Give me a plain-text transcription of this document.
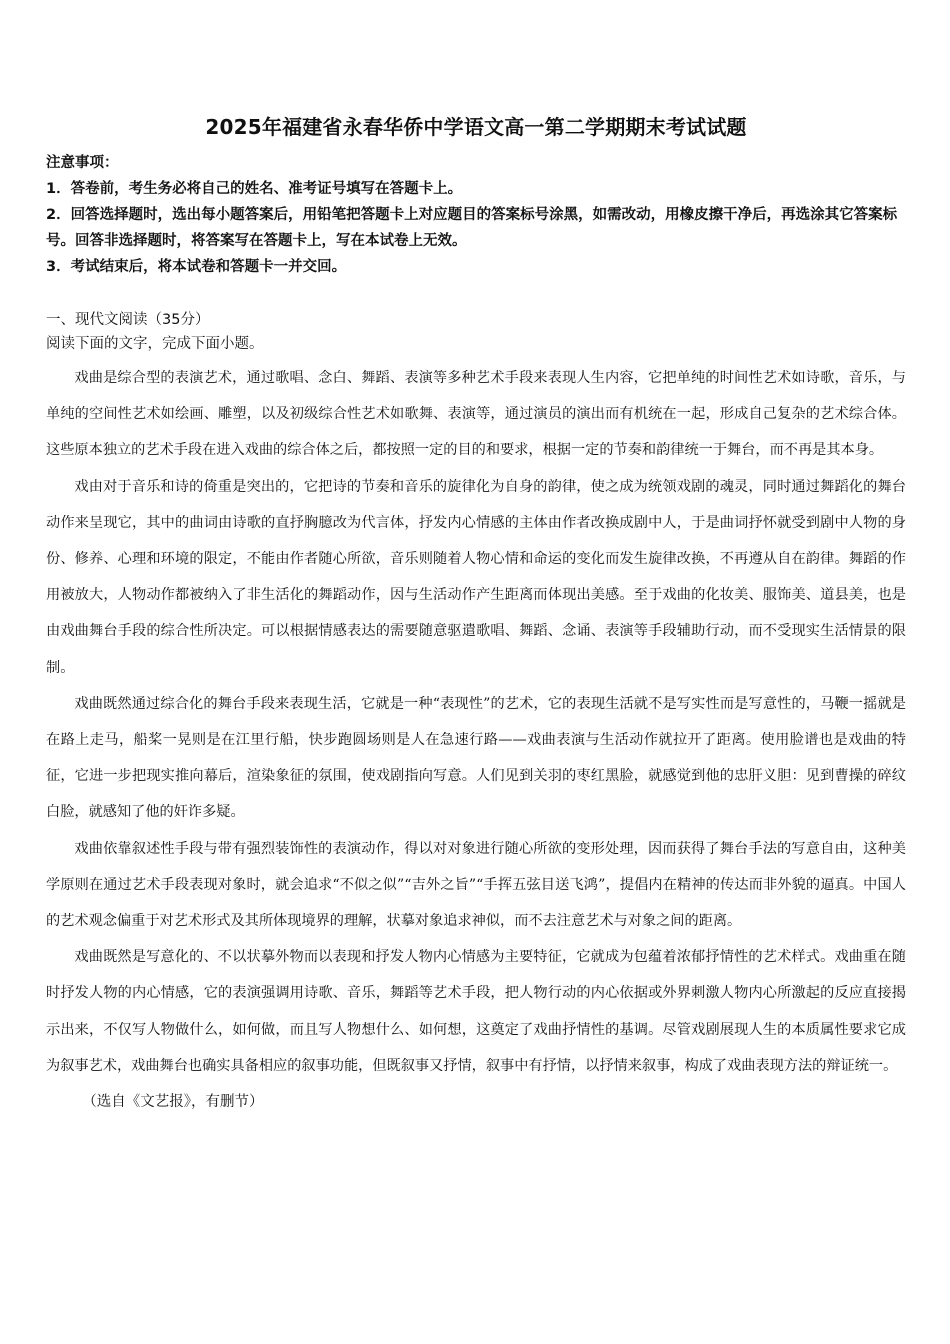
2025年福建省永春华侨中学语文高一第二学期期末考试试题

注意事项：

1．答卷前，考生务必将自己的姓名、准考证号填写在答题卡上。

2．回答选择题时，选出每小题答案后，用铅笔把答题卡上对应题目的答案标号涂黑，如需改动，用橡皮擦干净后，再选涂其它答案标号。回答非选择题时，将答案写在答题卡上，写在本试卷上无效。

3．考试结束后，将本试卷和答题卡一并交回。

一、现代文阅读（35分）

阅读下面的文字，完成下面小题。

戏曲是综合型的表演艺术，通过歌唱、念白、舞蹈、表演等多种艺术手段来表现人生内容，它把单纯的时间性艺术如诗歌，音乐，与单纯的空间性艺术如绘画、雕塑，以及初级综合性艺术如歌舞、表演等，通过演员的演出而有机统在一起，形成自己复杂的艺术综合体。这些原本独立的艺术手段在进入戏曲的综合体之后，都按照一定的目的和要求，根据一定的节奏和韵律统一于舞台，而不再是其本身。

戏由对于音乐和诗的倚重是突出的，它把诗的节奏和音乐的旋律化为自身的韵律，使之成为统领戏剧的魂灵，同时通过舞蹈化的舞台动作来呈现它，其中的曲词由诗歌的直抒胸臆改为代言体，抒发内心情感的主体由作者改换成剧中人，于是曲词抒怀就受到剧中人物的身份、修养、心理和环境的限定，不能由作者随心所欲，音乐则随着人物心情和命运的变化而发生旋律改换，不再遵从自在韵律。舞蹈的作用被放大，人物动作都被纳入了非生活化的舞蹈动作，因与生活动作产生距离而体现出美感。至于戏曲的化妆美、服饰美、道县美，也是由戏曲舞台手段的综合性所决定。可以根据情感表达的需要随意驱遣歌唱、舞蹈、念诵、表演等手段辅助行动，而不受现实生活情景的限制。

戏曲既然通过综合化的舞台手段来表现生活，它就是一种“表现性”的艺术，它的表现生活就不是写实性而是写意性的，马鞭一摇就是在路上走马，船桨一晃则是在江里行船，快步跑圆场则是人在急速行路——戏曲表演与生活动作就拉开了距离。使用脸谱也是戏曲的特征，它进一步把现实推向幕后，渲染象征的氛围，使戏剧指向写意。人们见到关羽的枣红黑脸，就感觉到他的忠肝义胆：见到曹操的碎纹白脸，就感知了他的奸诈多疑。

戏曲依靠叙述性手段与带有强烈装饰性的表演动作，得以对对象进行随心所欲的变形处理，因而获得了舞台手法的写意自由，这种美学原则在通过艺术手段表现对象时，就会追求“不似之似”“吉外之旨”“手挥五弦目送飞鸿”，提倡内在精神的传达而非外貌的逼真。中国人的艺术观念偏重于对艺术形式及其所体现境界的理解，状摹对象追求神似，而不去注意艺术与对象之间的距离。

戏曲既然是写意化的、不以状摹外物而以表现和抒发人物内心情感为主要特征，它就成为包蕴着浓郁抒情性的艺术样式。戏曲重在随时抒发人物的内心情感，它的表演强调用诗歌、音乐，舞蹈等艺术手段，把人物行动的内心依据或外界刺激人物内心所激起的反应直接揭示出来，不仅写人物做什么，如何做，而且写人物想什么、如何想，这奠定了戏曲抒情性的基调。尽管戏剧展现人生的本质属性要求它成为叙事艺术，戏曲舞台也确实具备相应的叙事功能，但既叙事又抒情，叙事中有抒情，以抒情来叙事，构成了戏曲表现方法的辩证统一。

（选自《文艺报》，有删节）
